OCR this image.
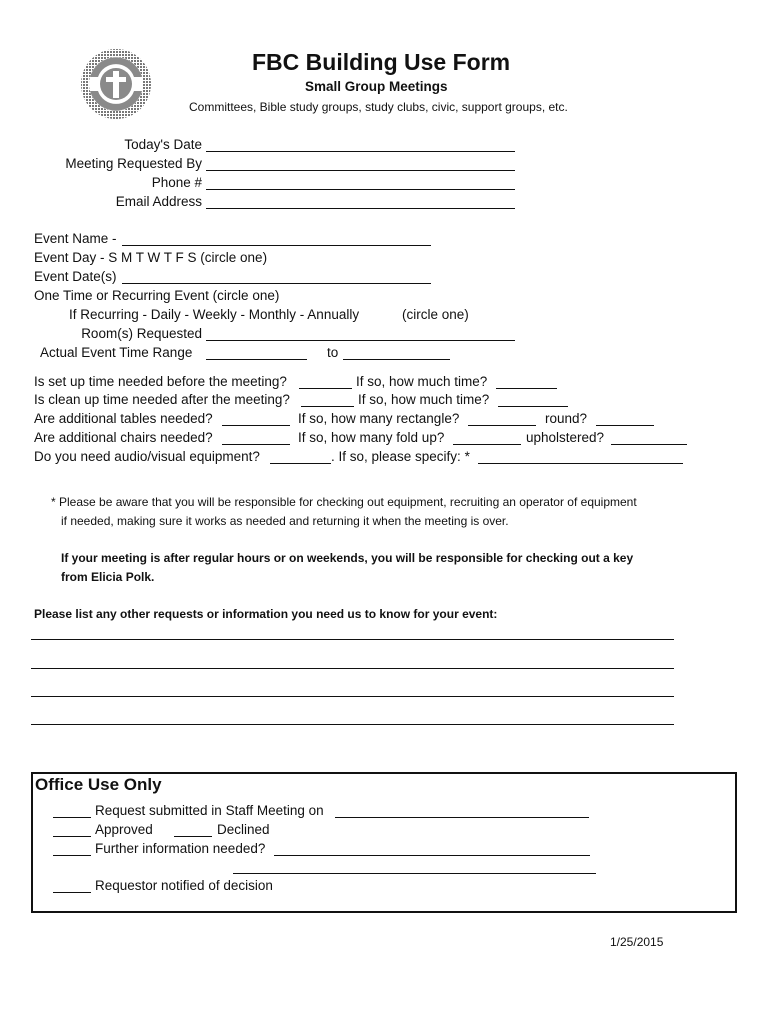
FBC Building Use Form
Small Group Meetings
Committees, Bible study groups, study clubs, civic, support groups, etc.
Today's Date
Meeting Requested By
Phone #
Email Address
Event Name -
Event Day - S M T W T F S (circle one)
Event Date(s)
One Time or Recurring Event (circle one)
If Recurring - Daily - Weekly - Monthly - Annually	(circle one)
Room(s) Requested
Actual Event Time Range	to
Is set up time needed before the meeting?	If so, how much time?
Is clean up time needed after the meeting?	If so, how much time?
Are additional tables needed?	If so, how many rectangle?	round?
Are additional chairs needed?	If so, how many fold up?	upholstered?
Do you need audio/visual equipment?	. If so, please specify: *
* Please be aware that you will be responsible for checking out equipment, recruiting an operator of equipment
if needed, making sure it works as needed and returning it when the meeting is over.
If your meeting is after regular hours or on weekends, you will be responsible for checking out a key
from Elicia Polk.
Please list any other requests or information you need us to know for your event:
Office Use Only
Request submitted in Staff Meeting on
Approved	Declined
Further information needed?
Requestor notified of decision
1/25/2015
